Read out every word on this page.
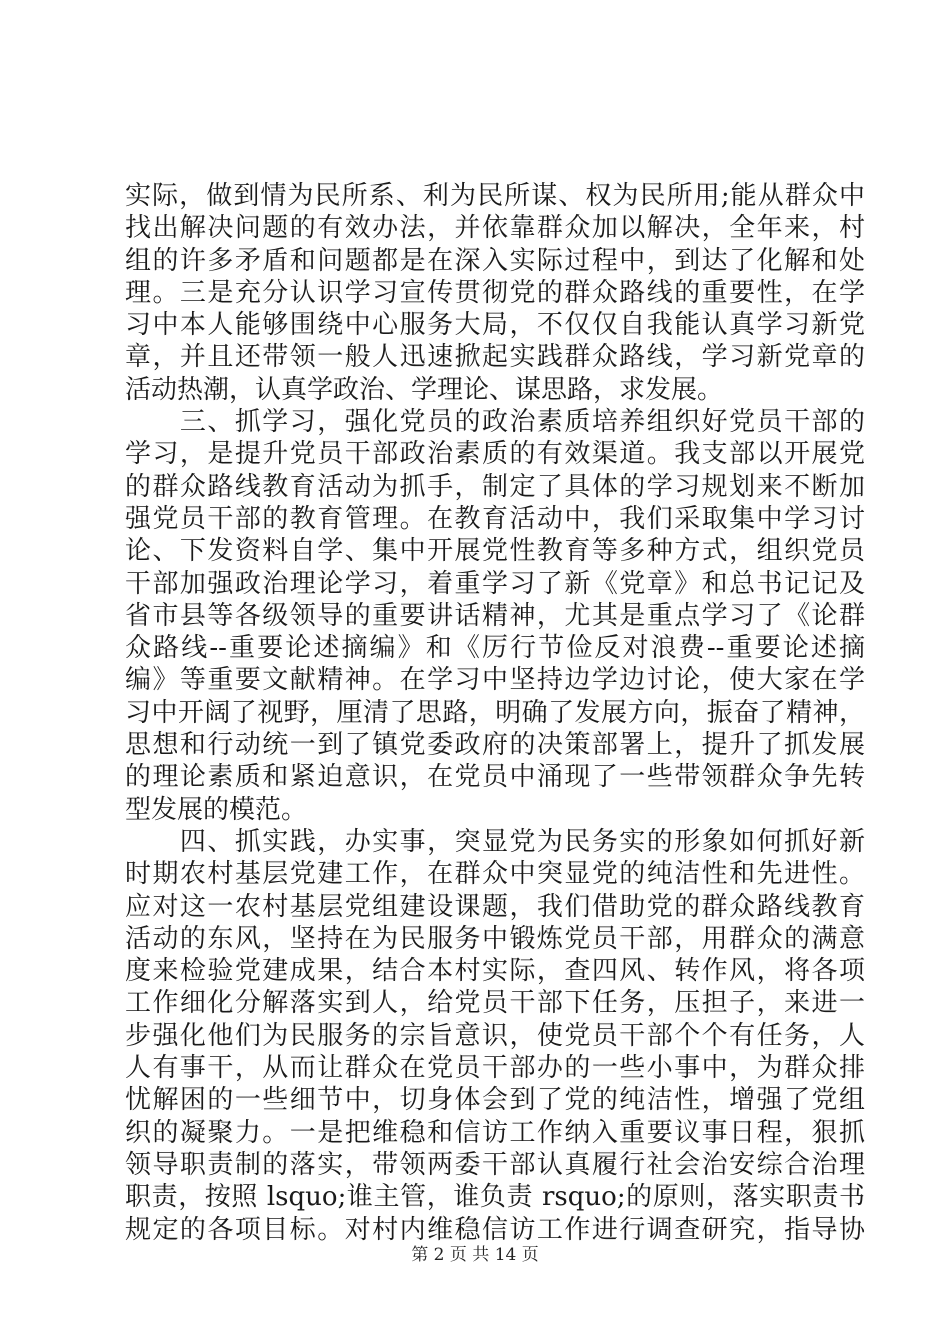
实际，做到情为民所系、利为民所谋、权为民所用;能从群众中
找出解决问题的有效办法，并依靠群众加以解决，全年来，村
组的许多矛盾和问题都是在深入实际过程中，到达了化解和处
理。三是充分认识学习宣传贯彻党的群众路线的重要性，在学
习中本人能够围绕中心服务大局，不仅仅自我能认真学习新党
章，并且还带领一般人迅速掀起实践群众路线，学习新党章的
活动热潮，认真学政治、学理论、谋思路，求发展。
　　三、抓学习，强化党员的政治素质培养组织好党员干部的
学习，是提升党员干部政治素质的有效渠道。我支部以开展党
的群众路线教育活动为抓手，制定了具体的学习规划来不断加
强党员干部的教育管理。在教育活动中，我们采取集中学习讨
论、下发资料自学、集中开展党性教育等多种方式，组织党员
干部加强政治理论学习，着重学习了新《党章》和总书记记及
省市县等各级领导的重要讲话精神，尤其是重点学习了《论群
众路线--重要论述摘编》和《厉行节俭反对浪费--重要论述摘
编》等重要文献精神。在学习中坚持边学边讨论，使大家在学
习中开阔了视野，厘清了思路，明确了发展方向，振奋了精神，
思想和行动统一到了镇党委政府的决策部署上，提升了抓发展
的理论素质和紧迫意识，在党员中涌现了一些带领群众争先转
型发展的模范。
　　四、抓实践，办实事，突显党为民务实的形象如何抓好新
时期农村基层党建工作，在群众中突显党的纯洁性和先进性。
应对这一农村基层党组建设课题，我们借助党的群众路线教育
活动的东风，坚持在为民服务中锻炼党员干部，用群众的满意
度来检验党建成果，结合本村实际，查四风、转作风，将各项
工作细化分解落实到人，给党员干部下任务，压担子，来进一
步强化他们为民服务的宗旨意识，使党员干部个个有任务，人
人有事干，从而让群众在党员干部办的一些小事中，为群众排
忧解困的一些细节中，切身体会到了党的纯洁性，增强了党组
织的凝聚力。一是把维稳和信访工作纳入重要议事日程，狠抓
领导职责制的落实，带领两委干部认真履行社会治安综合治理
职责，按照 lsquo;谁主管，谁负责 rsquo;的原则，落实职责书
规定的各项目标。对村内维稳信访工作进行调查研究，指导协
第 2 页 共 14 页
